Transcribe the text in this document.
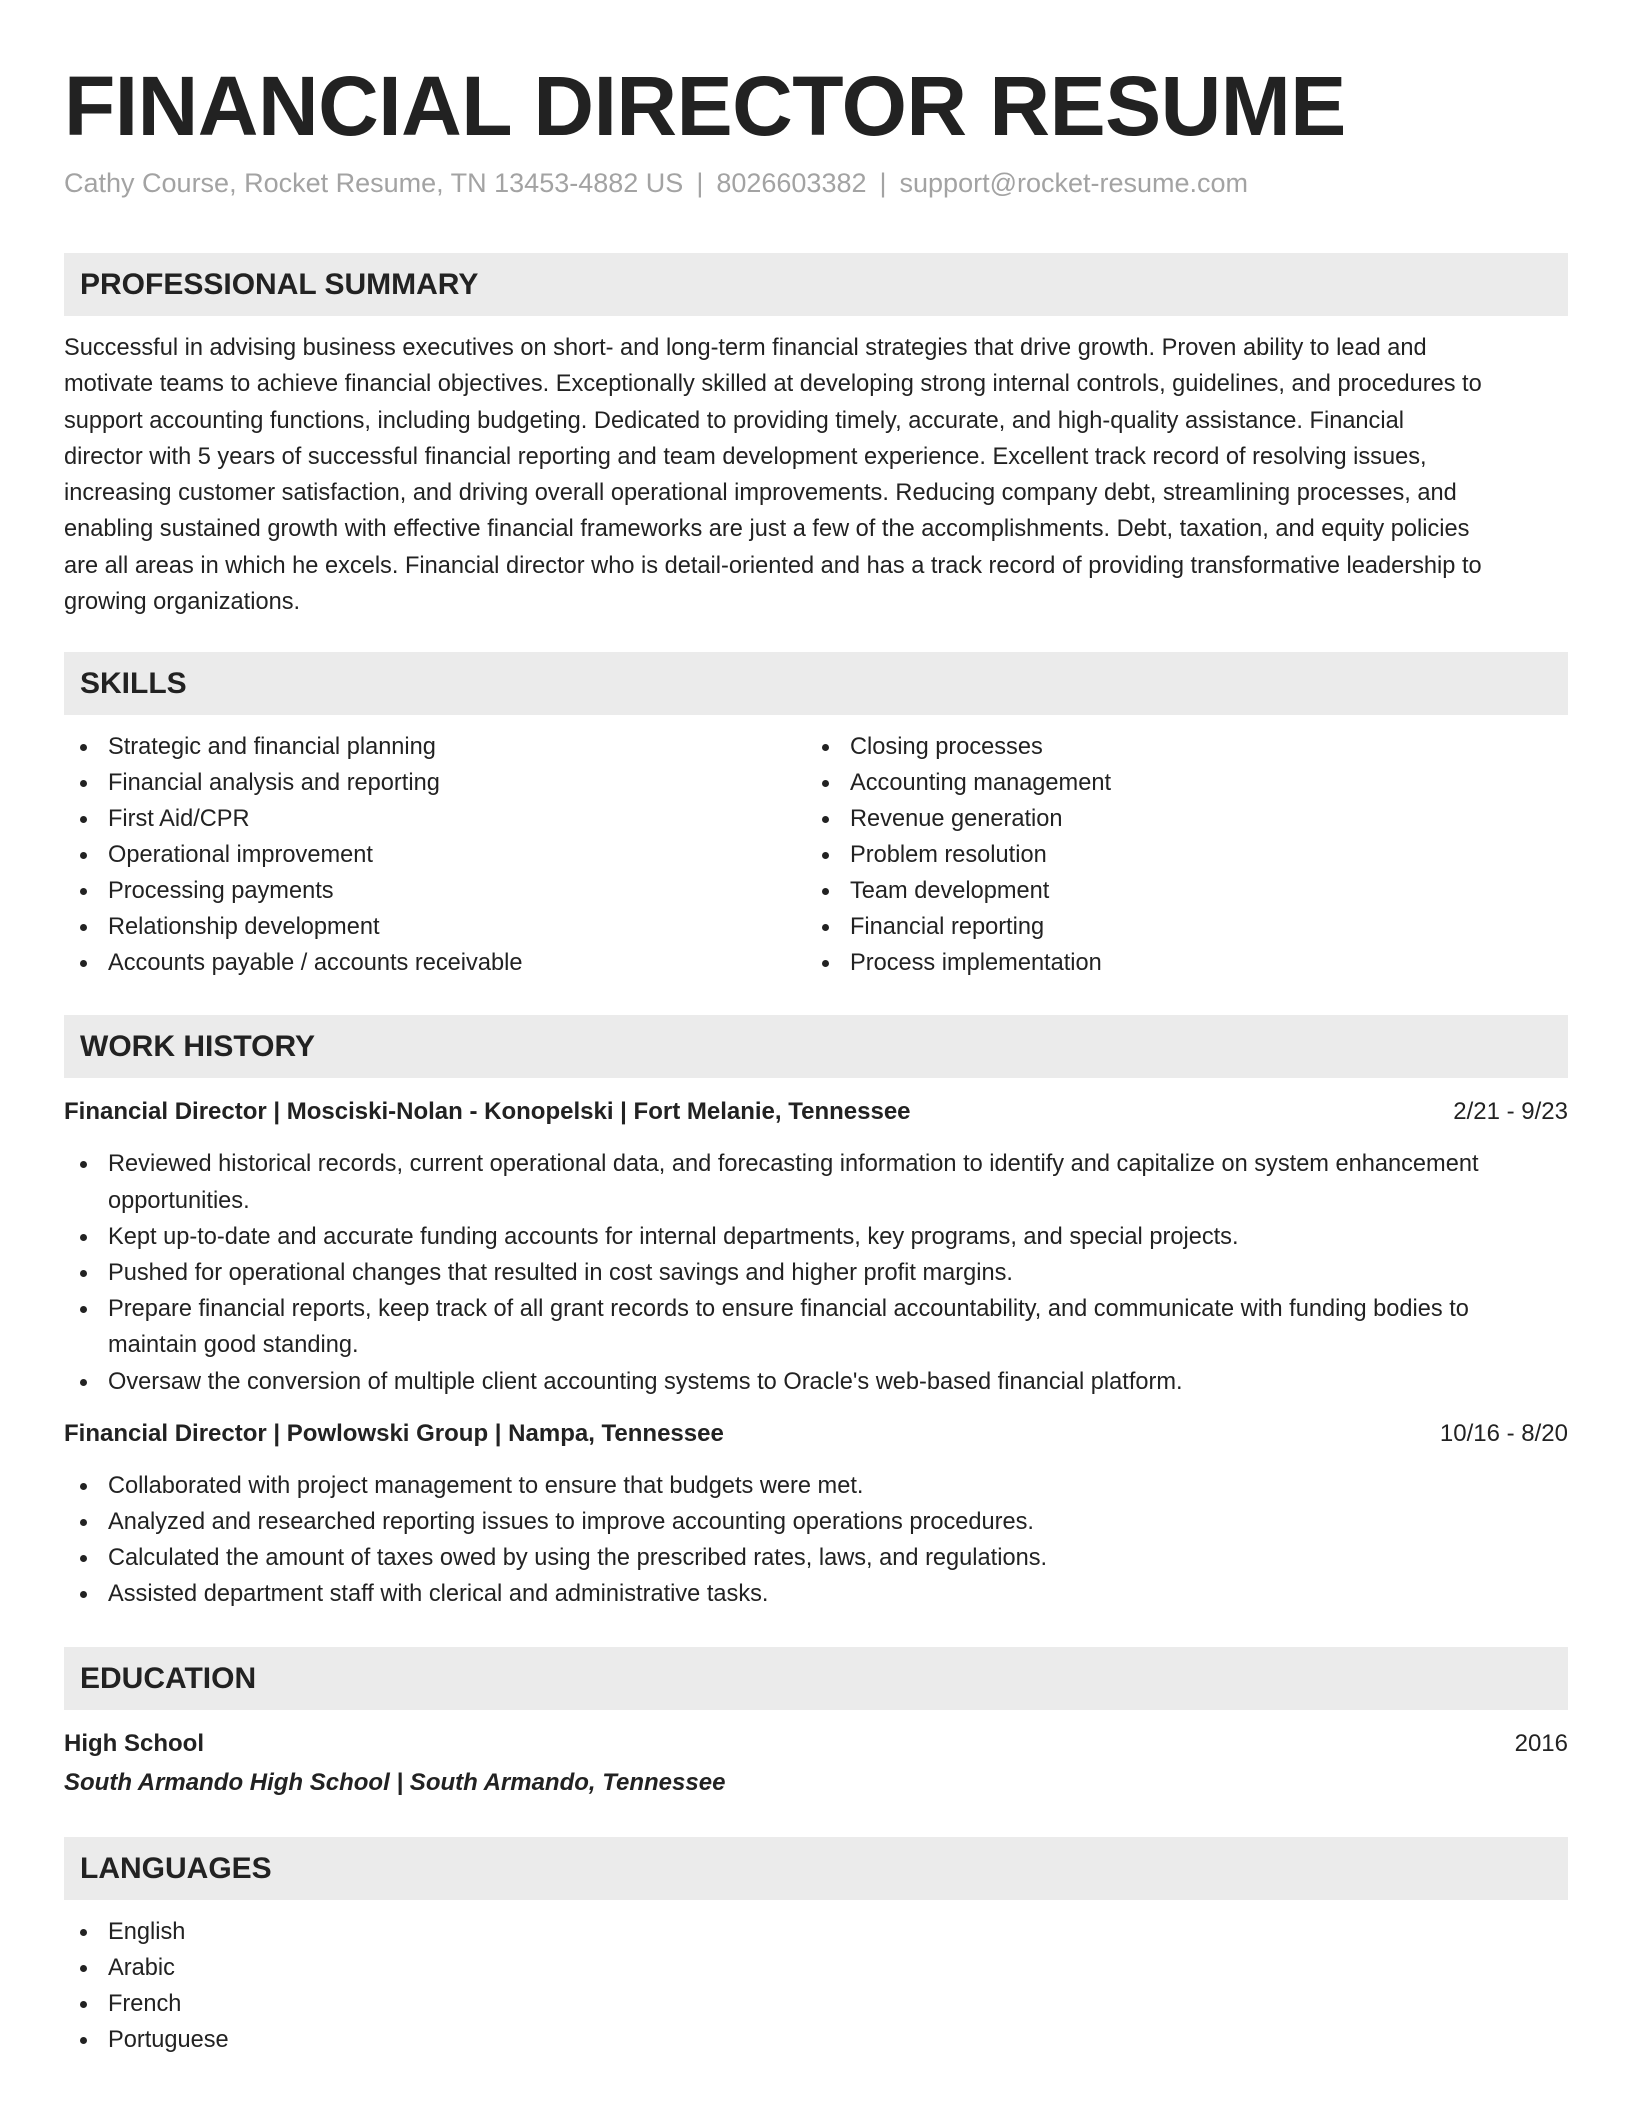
FINANCIAL DIRECTOR RESUME
Cathy Course, Rocket Resume, TN 13453-4882 US | 8026603382 | support@rocket-resume.com
PROFESSIONAL SUMMARY
Successful in advising business executives on short- and long-term financial strategies that drive growth. Proven ability to lead and
motivate teams to achieve financial objectives. Exceptionally skilled at developing strong internal controls, guidelines, and procedures to
support accounting functions, including budgeting. Dedicated to providing timely, accurate, and high-quality assistance. Financial
director with 5 years of successful financial reporting and team development experience. Excellent track record of resolving issues,
increasing customer satisfaction, and driving overall operational improvements. Reducing company debt, streamlining processes, and
enabling sustained growth with effective financial frameworks are just a few of the accomplishments. Debt, taxation, and equity policies
are all areas in which he excels. Financial director who is detail-oriented and has a track record of providing transformative leadership to
growing organizations.
SKILLS
Strategic and financial planning
Financial analysis and reporting
First Aid/CPR
Operational improvement
Processing payments
Relationship development
Accounts payable / accounts receivable
Closing processes
Accounting management
Revenue generation
Problem resolution
Team development
Financial reporting
Process implementation
WORK HISTORY
Financial Director | Mosciski-Nolan - Konopelski | Fort Melanie, Tennessee	2/21 - 9/23
Reviewed historical records, current operational data, and forecasting information to identify and capitalize on system enhancement
opportunities.
Kept up-to-date and accurate funding accounts for internal departments, key programs, and special projects.
Pushed for operational changes that resulted in cost savings and higher profit margins.
Prepare financial reports, keep track of all grant records to ensure financial accountability, and communicate with funding bodies to
maintain good standing.
Oversaw the conversion of multiple client accounting systems to Oracle's web-based financial platform.
Financial Director | Powlowski Group | Nampa, Tennessee	10/16 - 8/20
Collaborated with project management to ensure that budgets were met.
Analyzed and researched reporting issues to improve accounting operations procedures.
Calculated the amount of taxes owed by using the prescribed rates, laws, and regulations.
Assisted department staff with clerical and administrative tasks.
EDUCATION
High School	2016
South Armando High School | South Armando, Tennessee
LANGUAGES
English
Arabic
French
Portuguese
